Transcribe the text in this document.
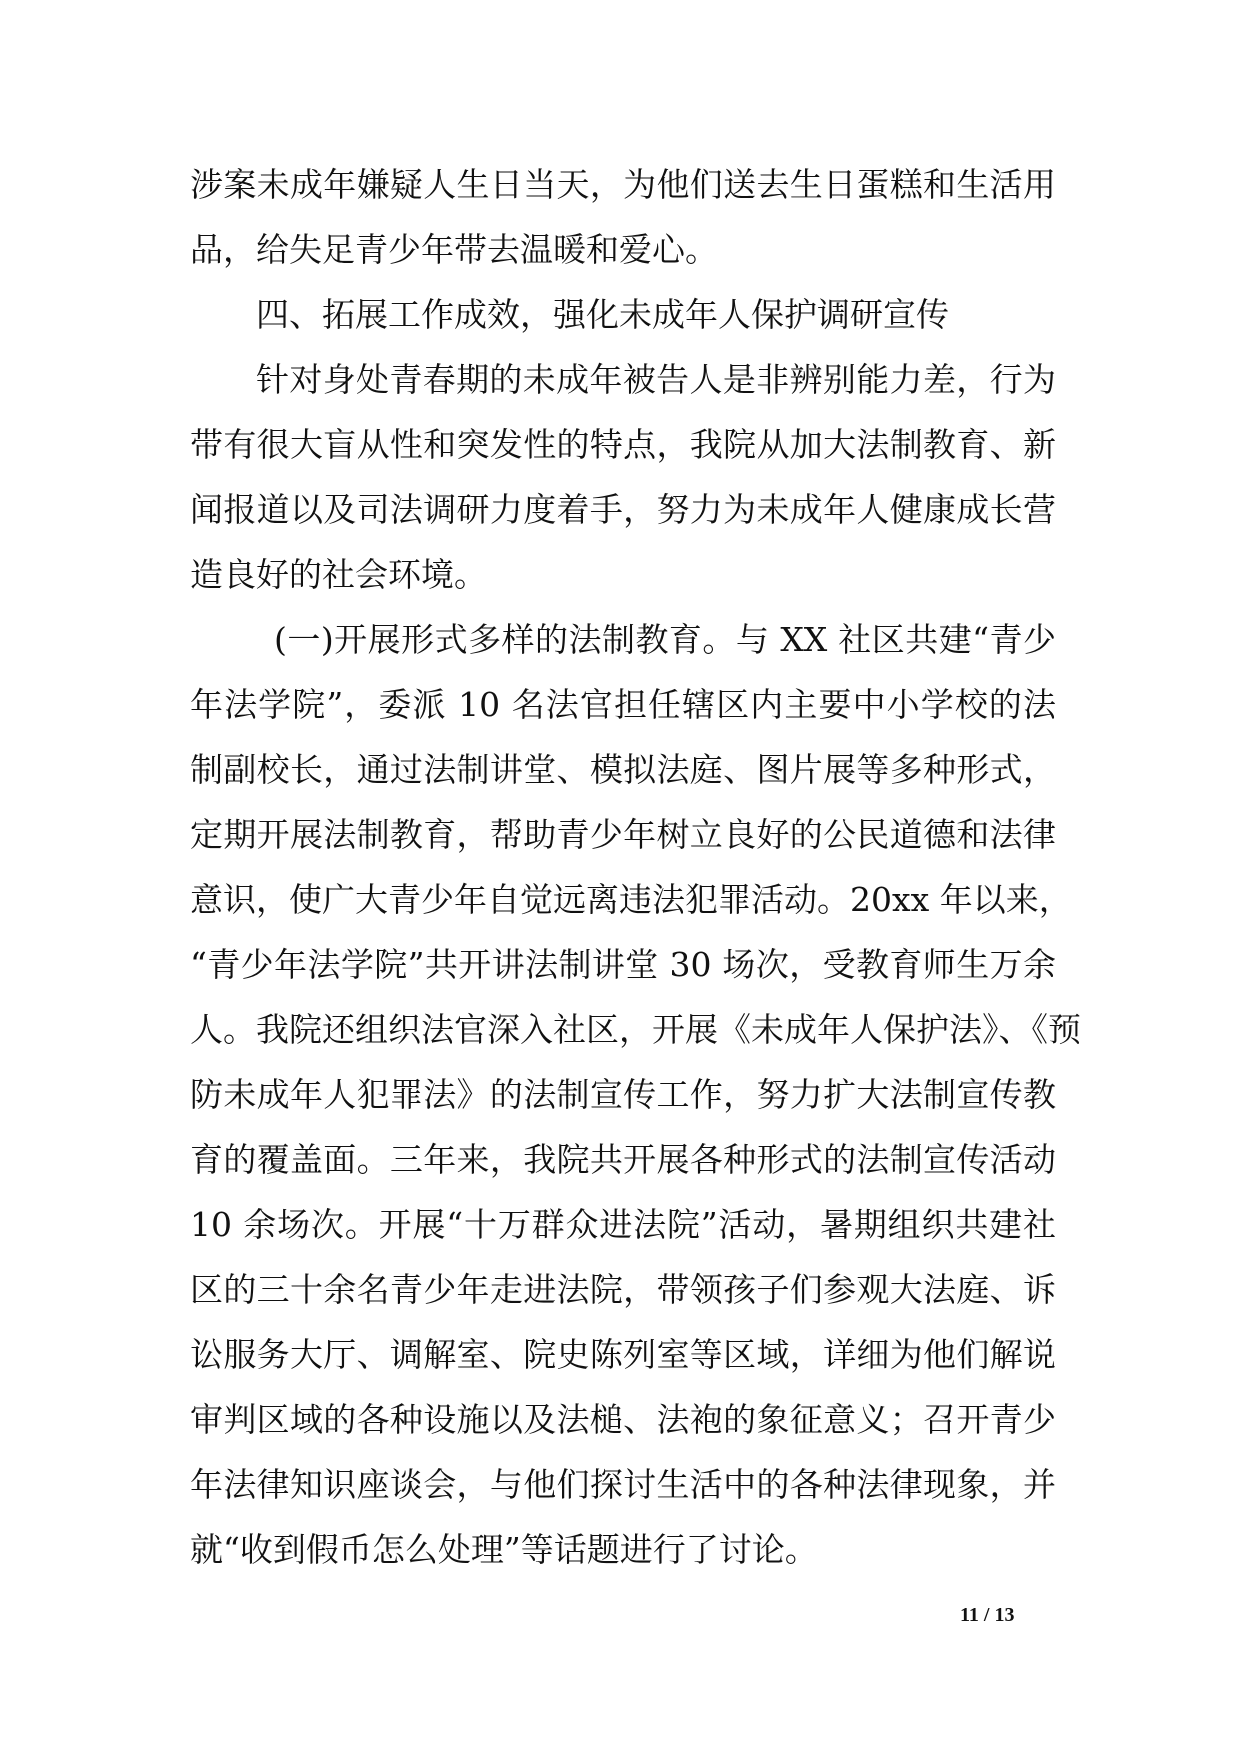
涉案未成年嫌疑人生日当天，为他们送去生日蛋糕和生活用
品，给失足青少年带去温暖和爱心。
四、拓展工作成效，强化未成年人保护调研宣传
针对身处青春期的未成年被告人是非辨别能力差，行为
带有很大盲从性和突发性的特点，我院从加大法制教育、新
闻报道以及司法调研力度着手，努力为未成年人健康成长营
造良好的社会环境。
(一)开展形式多样的法制教育。与 XX 社区共建“青少
年法学院”，委派 10 名法官担任辖区内主要中小学校的法
制副校长，通过法制讲堂、模拟法庭、图片展等多种形式，
定期开展法制教育，帮助青少年树立良好的公民道德和法律
意识，使广大青少年自觉远离违法犯罪活动。20xx 年以来，
“青少年法学院”共开讲法制讲堂 30 场次，受教育师生万余
人。我院还组织法官深入社区，开展《未成年人保护法》、《预
防未成年人犯罪法》的法制宣传工作，努力扩大法制宣传教
育的覆盖面。三年来，我院共开展各种形式的法制宣传活动
10 余场次。开展“十万群众进法院”活动，暑期组织共建社
区的三十余名青少年走进法院，带领孩子们参观大法庭、诉
讼服务大厅、调解室、院史陈列室等区域，详细为他们解说
审判区域的各种设施以及法槌、法袍的象征意义；召开青少
年法律知识座谈会，与他们探讨生活中的各种法律现象，并
就“收到假币怎么处理”等话题进行了讨论。
11 / 13
